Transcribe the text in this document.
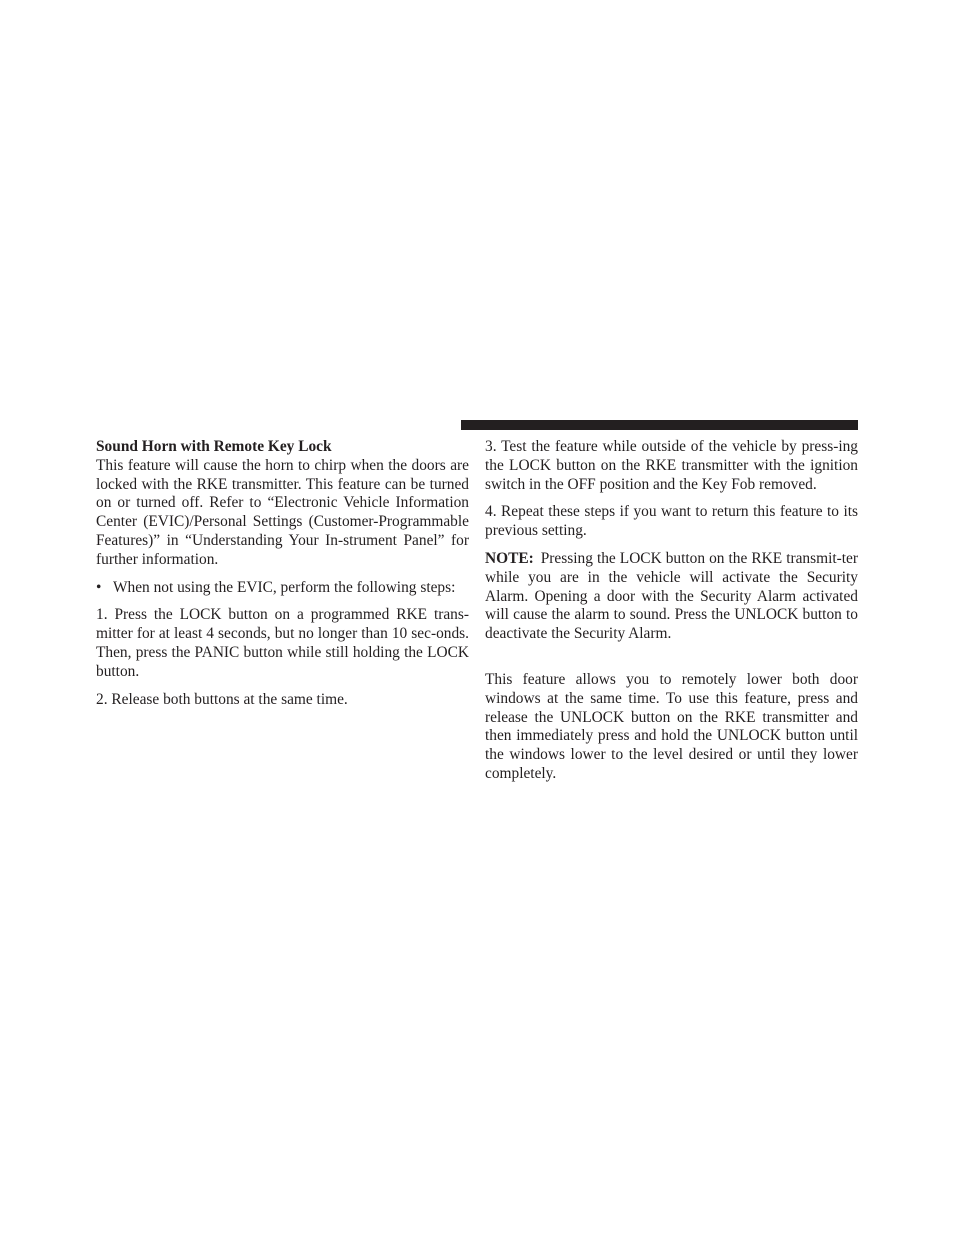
Sound Horn with Remote Key Lock

This feature will cause the horn to chirp when the doors are locked with the RKE transmitter. This feature can be turned on or turned off. Refer to “Electronic Vehicle Information Center (EVIC)/Personal Settings (Customer-Programmable Features)” in “Understanding Your In-strument Panel” for further information.

• When not using the EVIC, perform the following steps:

1. Press the LOCK button on a programmed RKE trans-mitter for at least 4 seconds, but no longer than 10 sec-onds. Then, press the PANIC button while still holding the LOCK button.

2. Release both buttons at the same time.

3. Test the feature while outside of the vehicle by press-ing the LOCK button on the RKE transmitter with the ignition switch in the OFF position and the Key Fob removed.

4. Repeat these steps if you want to return this feature to its previous setting.

NOTE: Pressing the LOCK button on the RKE transmit-ter while you are in the vehicle will activate the Security Alarm. Opening a door with the Security Alarm activated will cause the alarm to sound. Press the UNLOCK button to deactivate the Security Alarm.

This feature allows you to remotely lower both door windows at the same time. To use this feature, press and release the UNLOCK button on the RKE transmitter and then immediately press and hold the UNLOCK button until the windows lower to the level desired or until they lower completely.
